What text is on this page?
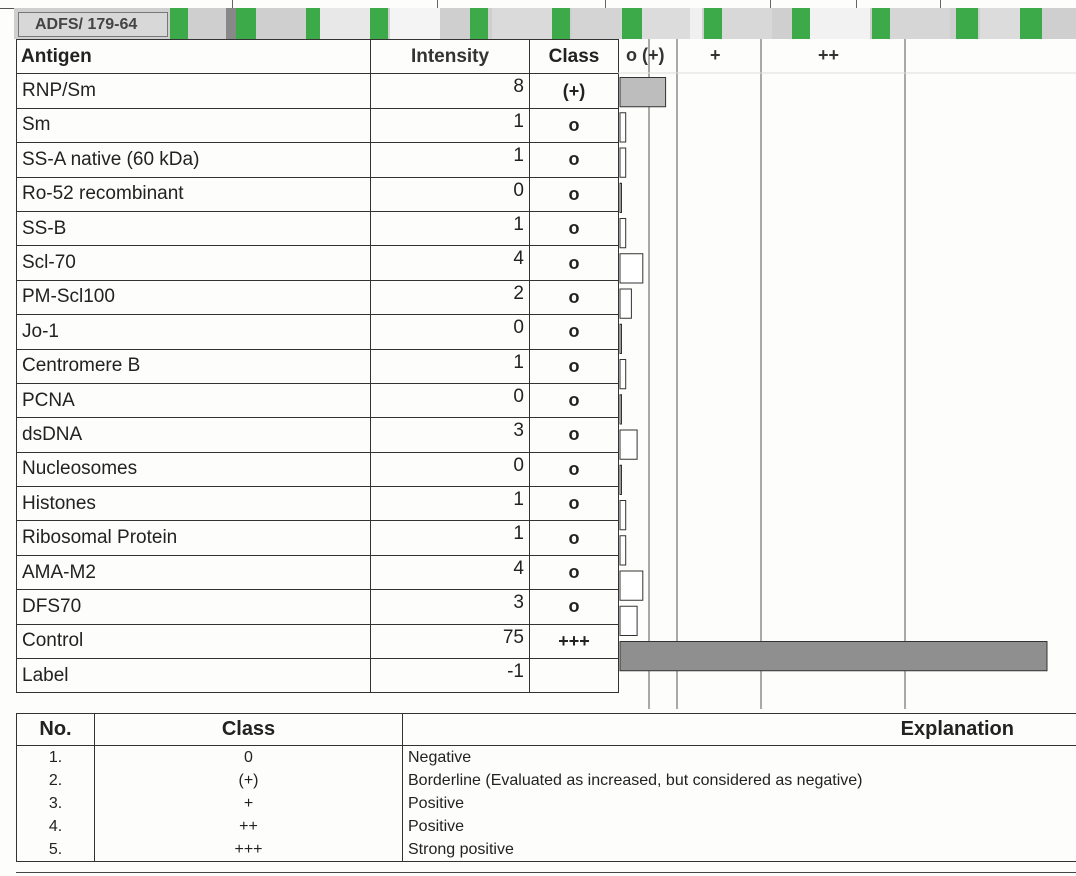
ADFS/ 179-64
Antigen	Intensity	Class
RNP/Sm	8	(+)
Sm	1	o
SS-A native (60 kDa)	1	o
Ro-52 recombinant	0	o
SS-B	1	o
Scl-70	4	o
PM-Scl100	2	o
Jo-1	0	o
Centromere B	1	o
PCNA	0	o
dsDNA	3	o
Nucleosomes	0	o
Histones	1	o
Ribosomal Protein	1	o
AMA-M2	4	o
DFS70	3	o
Control	75	+++
Label	-1	
o (+)	+	++
No.	Class	Explanation
1.	0	Negative
2.	(+)	Borderline (Evaluated as increased, but considered as negative)
3.	+	Positive
4.	++	Positive
5.	+++	Strong positive
